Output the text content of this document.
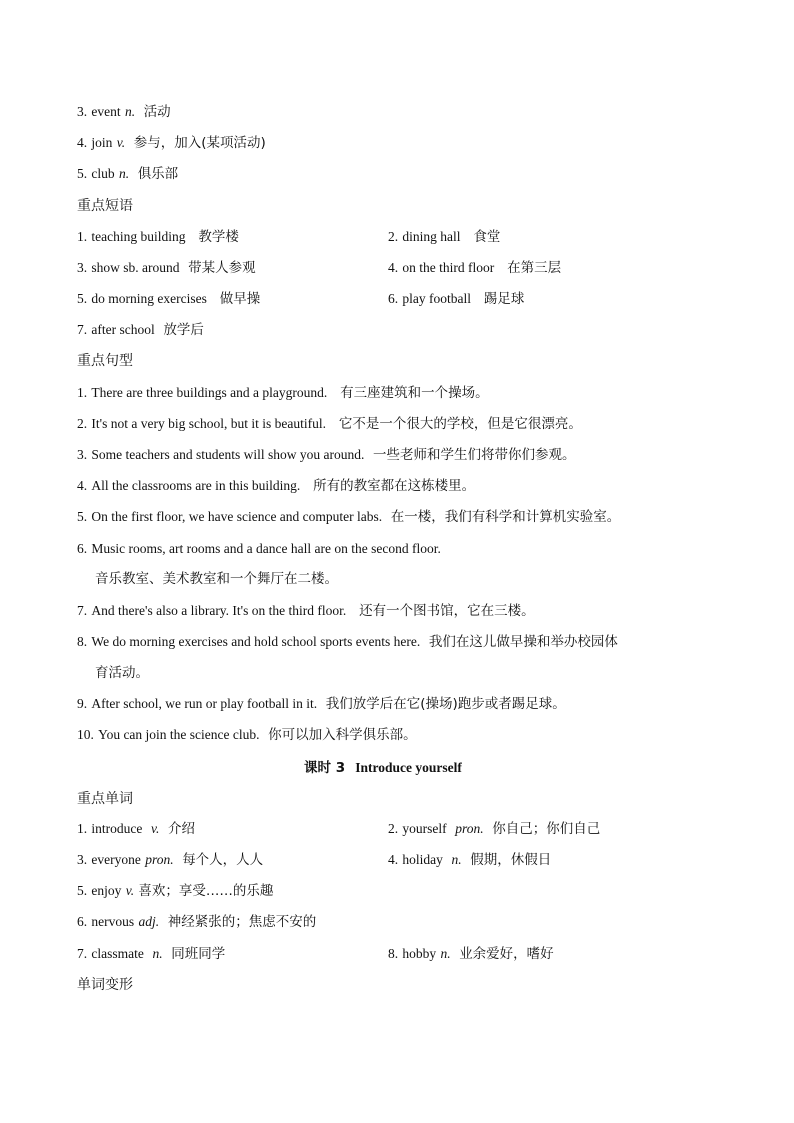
3. event n. 活动
4. join v. 参与，加入(某项活动)
5. club n. 俱乐部
重点短语
1. teaching building 教学楼	2. dining hall 食堂
3. show sb. around 带某人参观	4. on the third floor 在第三层
5. do morning exercises 做早操	6. play football 踢足球
7. after school 放学后
重点句型
1. There are three buildings and a playground. 有三座建筑和一个操场。
2. It's not a very big school, but it is beautiful. 它不是一个很大的学校，但是它很漂亮。
3. Some teachers and students will show you around. 一些老师和学生们将带你们参观。
4. All the classrooms are in this building. 所有的教室都在这栋楼里。
5. On the first floor, we have science and computer labs. 在一楼，我们有科学和计算机实验室。
6. Music rooms, art rooms and a dance hall are on the second floor.
音乐教室、美术教室和一个舞厅在二楼。
7. And there's also a library. It's on the third floor. 还有一个图书馆，它在三楼。
8. We do morning exercises and hold school sports events here. 我们在这儿做早操和举办校园体
育活动。
9. After school, we run or play football in it. 我们放学后在它(操场)跑步或者踢足球。
10. You can join the science club. 你可以加入科学俱乐部。
课时 3 Introduce yourself
重点单词
1. introduce v. 介绍	2. yourself pron. 你自己；你们自己
3. everyone pron. 每个人，人人	4. holiday n. 假期，休假日
5. enjoy v. 喜欢；享受……的乐趣
6. nervous adj. 神经紧张的；焦虑不安的
7. classmate n. 同班同学	8. hobby n. 业余爱好，嗜好
单词变形
